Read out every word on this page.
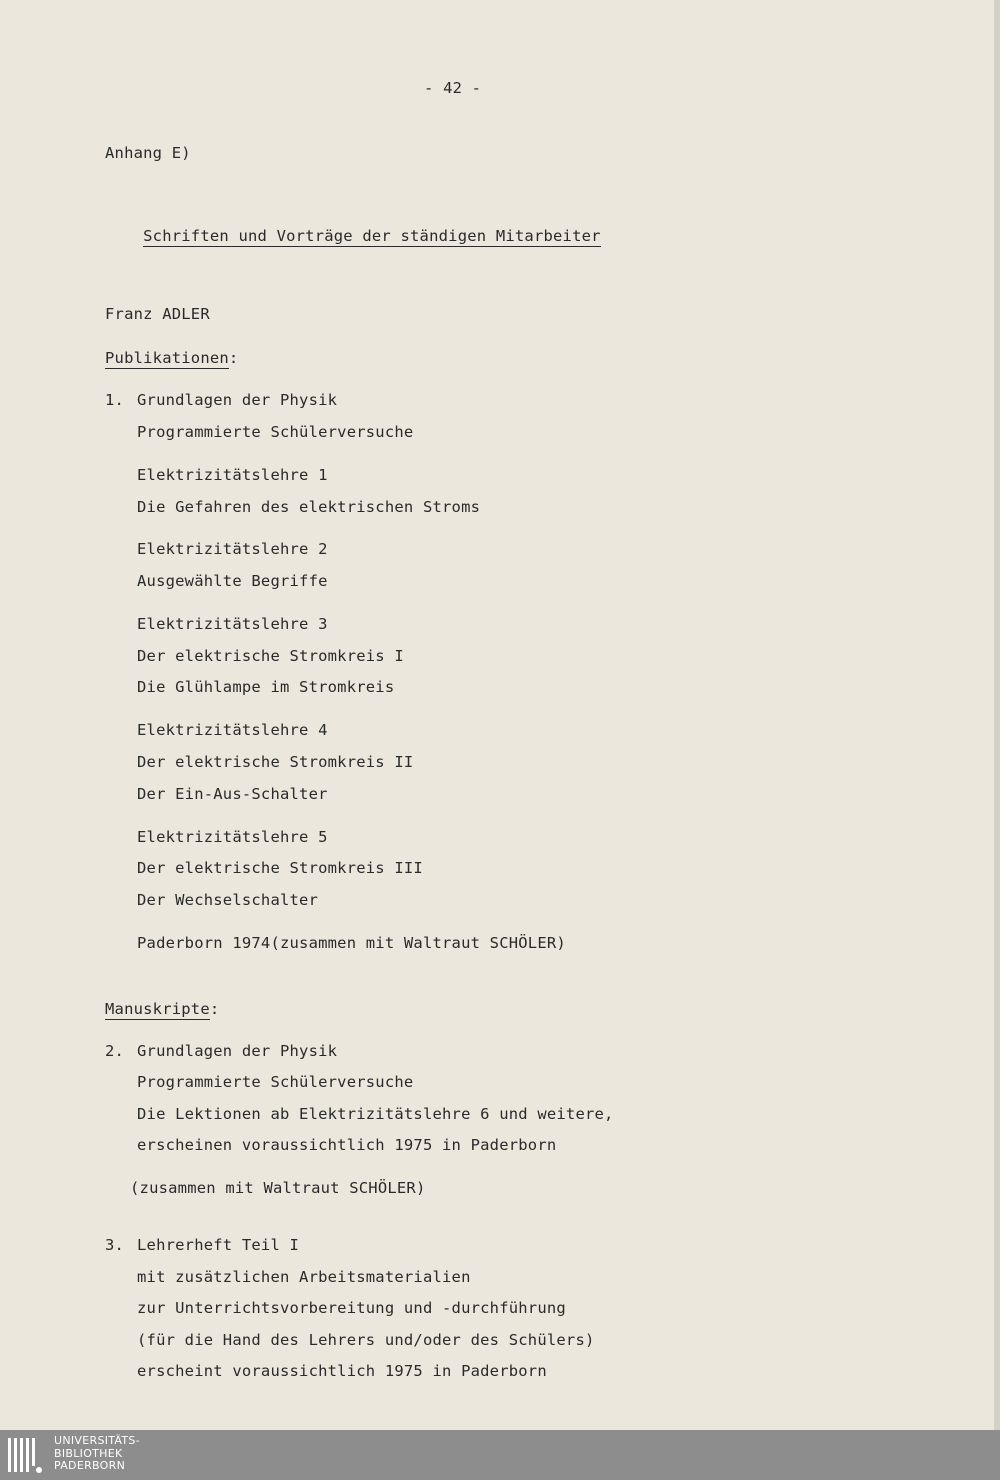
- 42 -
Anhang E)

Schriften und Vorträge der ständigen Mitarbeiter

Franz ADLER
Publikationen:
1. Grundlagen der Physik
Programmierte Schülerversuche
Elektrizitätslehre 1
Die Gefahren des elektrischen Stroms
Elektrizitätslehre 2
Ausgewählte Begriffe
Elektrizitätslehre 3
Der elektrische Stromkreis I
Die Glühlampe im Stromkreis
Elektrizitätslehre 4
Der elektrische Stromkreis II
Der Ein-Aus-Schalter
Elektrizitätslehre 5
Der elektrische Stromkreis III
Der Wechselschalter
Paderborn 1974(zusammen mit Waltraut SCHÖLER)
Manuskripte:
2. Grundlagen der Physik
Programmierte Schülerversuche
Die Lektionen ab Elektrizitätslehre 6 und weitere,
erscheinen voraussichtlich 1975 in Paderborn
(zusammen mit Waltraut SCHÖLER)
3. Lehrerheft Teil I
mit zusätzlichen Arbeitsmaterialien
zur Unterrichtsvorbereitung und -durchführung
(für die Hand des Lehrers und/oder des Schülers)
erscheint voraussichtlich 1975 in Paderborn
UNIVERSITÄTS-
BIBLIOTHEK
PADERBORN
